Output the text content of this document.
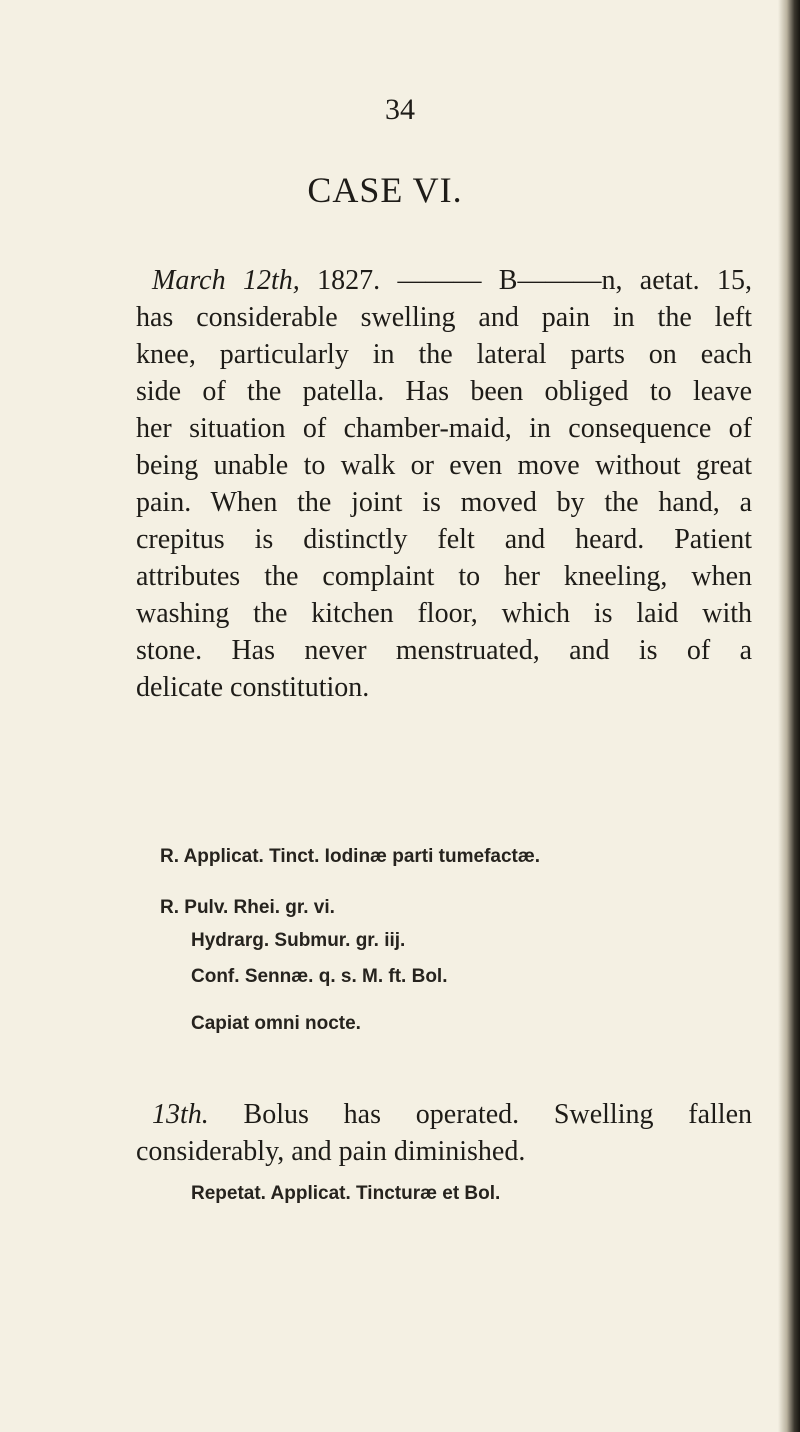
34
CASE VI.
March 12th, 1827. ——— B———n, aetat. 15,
has considerable swelling and pain in the left
knee, particularly in the lateral parts on each
side of the patella. Has been obliged to leave
her situation of chamber-maid, in consequence of
being unable to walk or even move without great
pain. When the joint is moved by the hand, a
crepitus is distinctly felt and heard. Patient
attributes the complaint to her kneeling, when
washing the kitchen floor, which is laid with
stone. Has never menstruated, and is of a
delicate constitution.
R. Applicat. Tinct. Iodinæ parti tumefactæ.
R. Pulv. Rhei. gr. vi.
Hydrarg. Submur. gr. iij.
Conf. Sennæ. q. s. M. ft. Bol.
Capiat omni nocte.
13th. Bolus has operated. Swelling fallen
considerably, and pain diminished.
Repetat. Applicat. Tincturæ et Bol.
